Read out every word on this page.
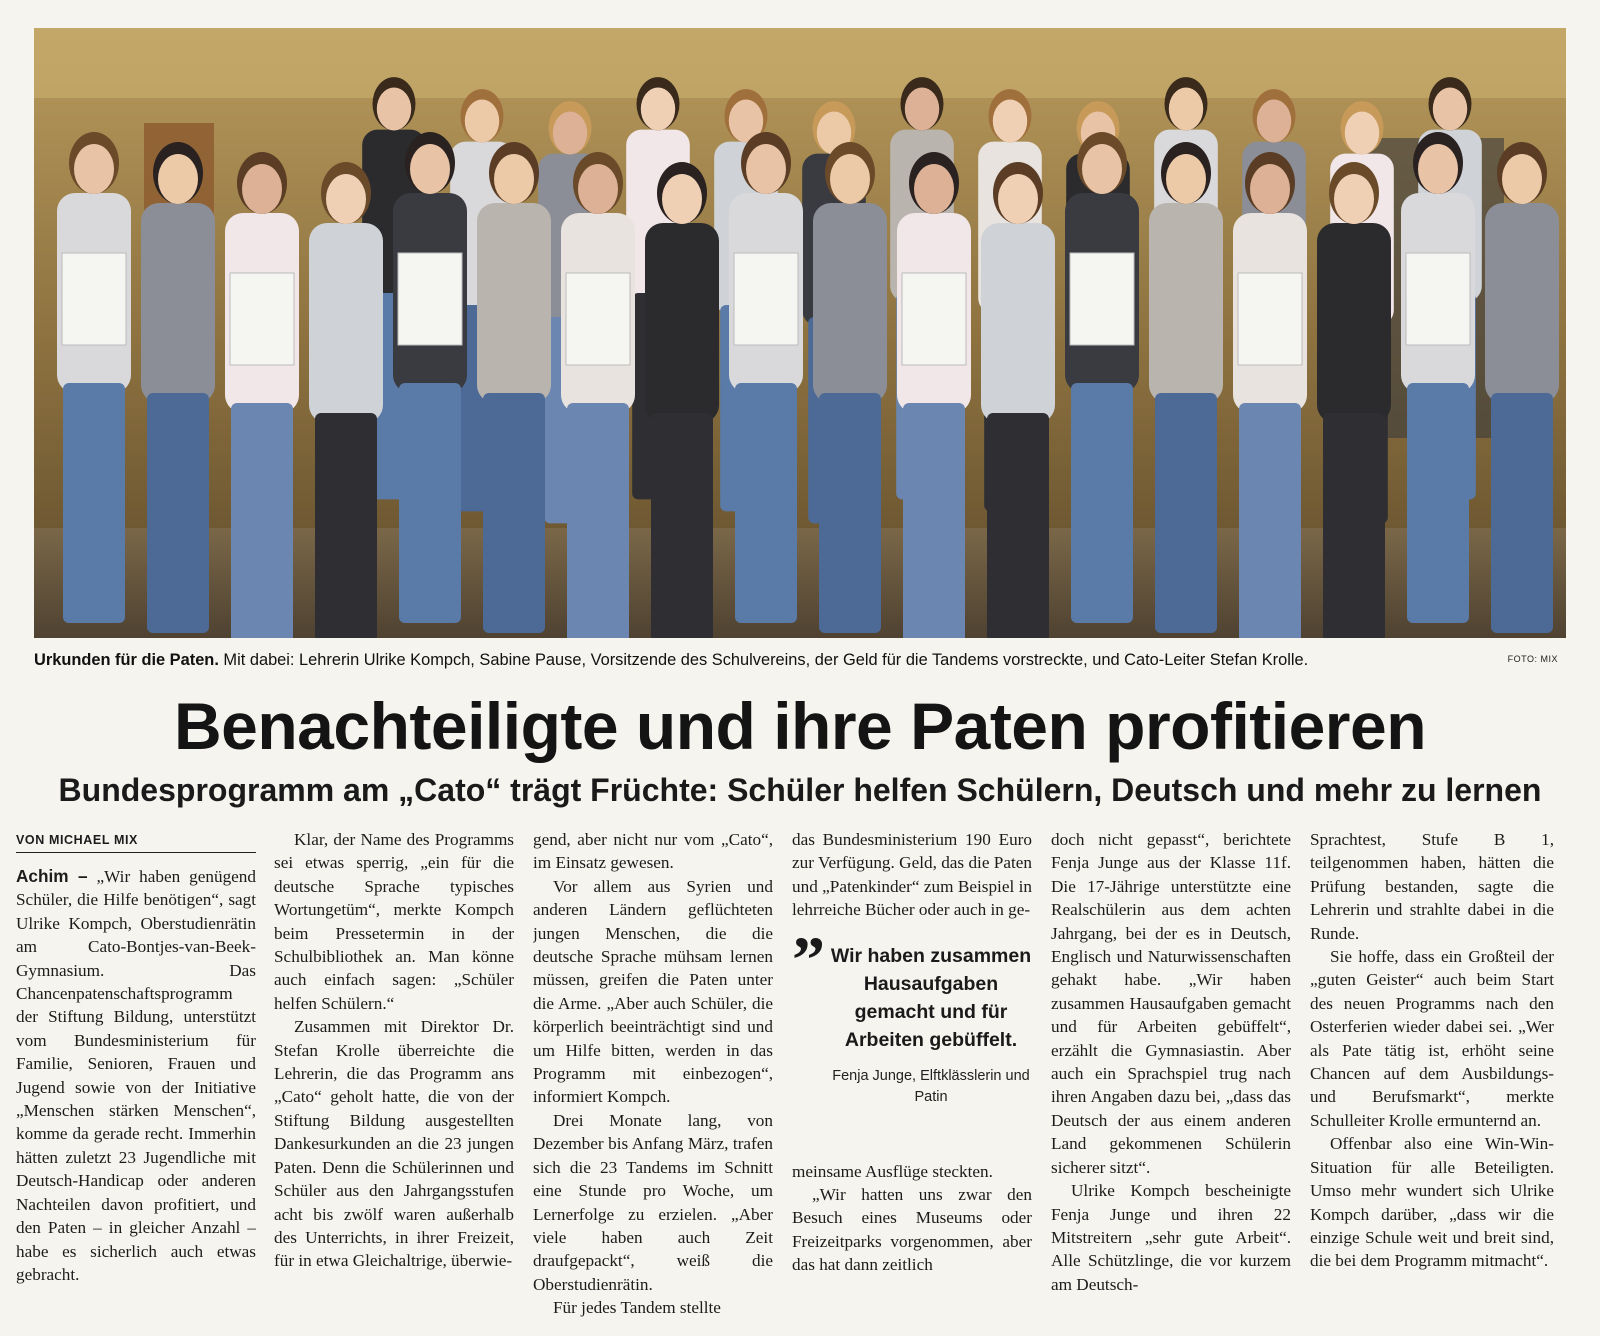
Urkunden für die Paten. Mit dabei: Lehrerin Ulrike Kompch, Sabine Pause, Vorsitzende des Schulvereins, der Geld für die Tandems vorstreckte, und Cato-Leiter Stefan Krolle.	FOTO: MIX
Benachteiligte und ihre Paten profitieren
Bundesprogramm am „Cato“ trägt Früchte: Schüler helfen Schülern, Deutsch und mehr zu lernen
VON MICHAEL MIX

Achim – „Wir haben genügend Schüler, die Hilfe benötigen“, sagt Ulrike Kompch, Oberstudienrätin am Cato-Bontjes-van-Beek-Gymnasium. Das Chancenpatenschaftsprogramm der Stiftung Bildung, unterstützt vom Bundesministerium für Familie, Senioren, Frauen und Jugend sowie von der Initiative „Menschen stärken Menschen“, komme da gerade recht. Immerhin hätten zuletzt 23 Jugendliche mit Deutsch-Handicap oder anderen Nachteilen davon profitiert, und den Paten – in gleicher Anzahl – habe es sicherlich auch etwas gebracht.

Klar, der Name des Programms sei etwas sperrig, „ein für die deutsche Sprache typisches Wortungetüm“, merkte Kompch beim Pressetermin in der Schulbibliothek an. Man könne auch einfach sagen: „Schüler helfen Schülern.“

Zusammen mit Direktor Dr. Stefan Krolle überreichte die Lehrerin, die das Programm ans „Cato“ geholt hatte, die von der Stiftung Bildung ausgestellten Dankesurkunden an die 23 jungen Paten. Denn die Schülerinnen und Schüler aus den Jahrgangsstufen acht bis zwölf waren außerhalb des Unterrichts, in ihrer Freizeit, für in etwa Gleichaltrige, überwie-

gend, aber nicht nur vom „Cato“, im Einsatz gewesen.

Vor allem aus Syrien und anderen Ländern geflüchteten jungen Menschen, die die deutsche Sprache mühsam lernen müssen, greifen die Paten unter die Arme. „Aber auch Schüler, die körperlich beeinträchtigt sind und um Hilfe bitten, werden in das Programm mit einbezogen“, informiert Kompch.

Drei Monate lang, von Dezember bis Anfang März, trafen sich die 23 Tandems im Schnitt eine Stunde pro Woche, um Lernerfolge zu erzielen. „Aber viele haben auch Zeit draufgepackt“, weiß die Oberstudienrätin.

Für jedes Tandem stellte

das Bundesministerium 190 Euro zur Verfügung. Geld, das die Paten und „Patenkinder“ zum Beispiel in lehrreiche Bücher oder auch in ge-

” Wir haben zusammen Hausaufgaben gemacht und für Arbeiten gebüffelt.
Fenja Junge, Elftklässlerin und Patin

meinsame Ausflüge steckten.

„Wir hatten uns zwar den Besuch eines Museums oder Freizeitparks vorgenommen, aber das hat dann zeitlich

doch nicht gepasst“, berichtete Fenja Junge aus der Klasse 11f. Die 17-Jährige unterstützte eine Realschülerin aus dem achten Jahrgang, bei der es in Deutsch, Englisch und Naturwissenschaften gehakt habe. „Wir haben zusammen Hausaufgaben gemacht und für Arbeiten gebüffelt“, erzählt die Gymnasiastin. Aber auch ein Sprachspiel trug nach ihren Angaben dazu bei, „dass das Deutsch der aus einem anderen Land gekommenen Schülerin sicherer sitzt“.

Ulrike Kompch bescheinigte Fenja Junge und ihren 22 Mitstreitern „sehr gute Arbeit“. Alle Schützlinge, die vor kurzem am Deutsch-

Sprachtest, Stufe B 1, teilgenommen haben, hätten die Prüfung bestanden, sagte die Lehrerin und strahlte dabei in die Runde.

Sie hoffe, dass ein Großteil der „guten Geister“ auch beim Start des neuen Programms nach den Osterferien wieder dabei sei. „Wer als Pate tätig ist, erhöht seine Chancen auf dem Ausbildungs- und Berufsmarkt“, merkte Schulleiter Krolle ermunternd an.

Offenbar also eine Win-Win-Situation für alle Beteiligten. Umso mehr wundert sich Ulrike Kompch darüber, „dass wir die einzige Schule weit und breit sind, die bei dem Programm mitmacht“.
